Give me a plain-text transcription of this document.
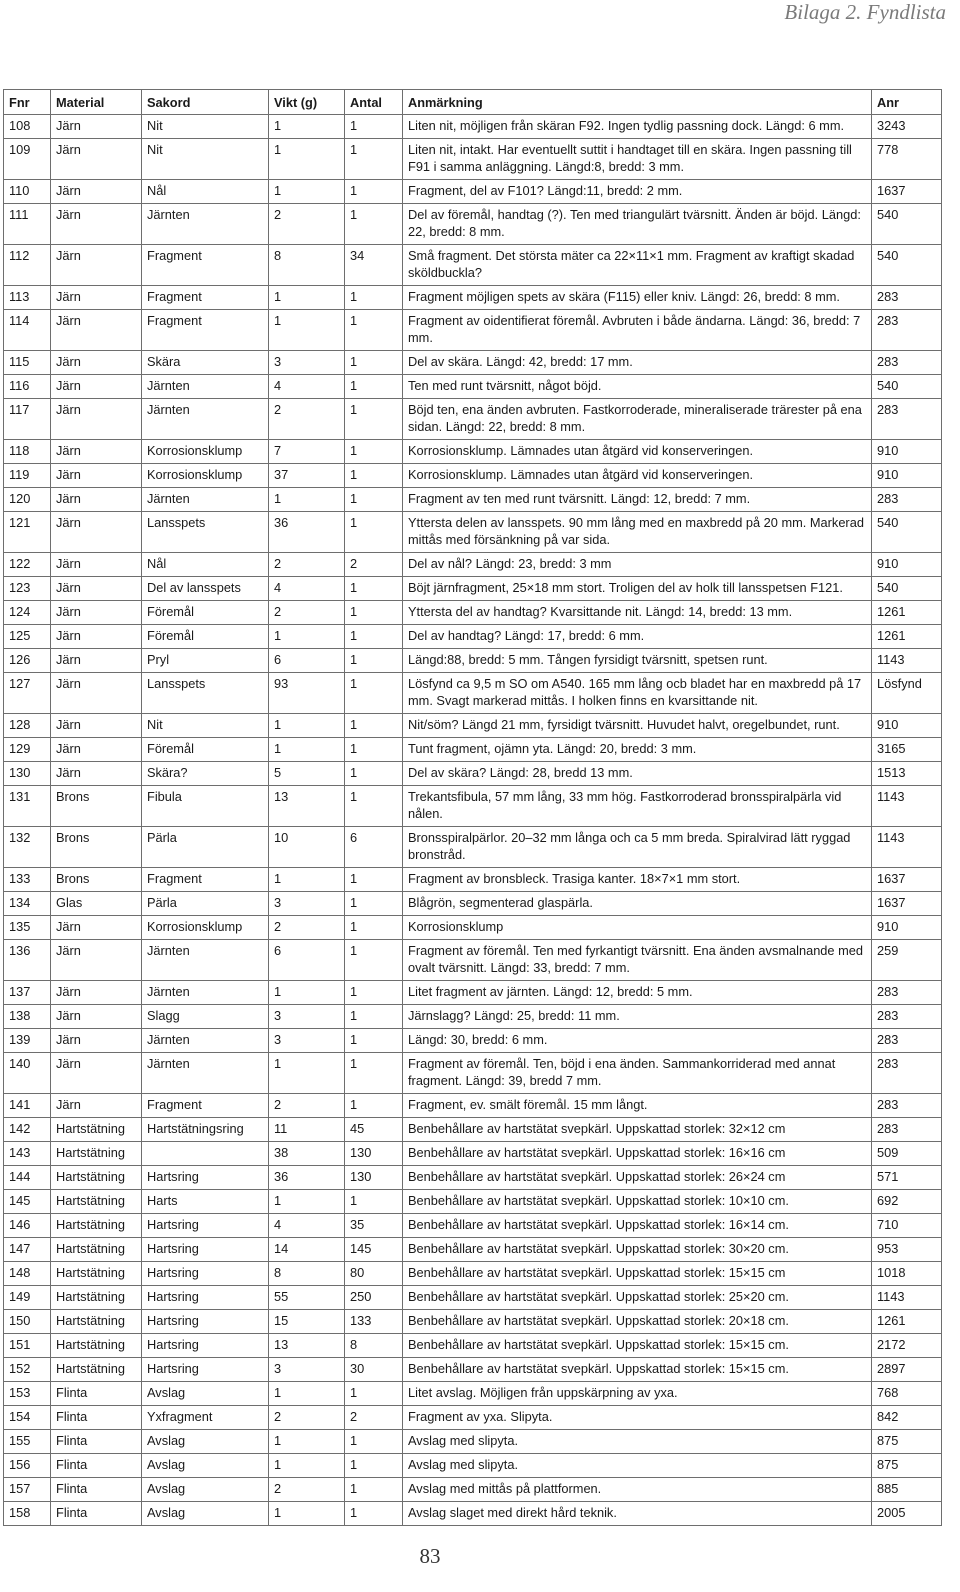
Bilaga 2. Fyndlista
Fnr	Material	Sakord	Vikt (g)	Antal	Anmärkning	Anr
108	Järn	Nit	1	1	Liten nit, möjligen från skäran F92. Ingen tydlig passning dock. Längd: 6 mm.	3243
109	Järn	Nit	1	1	Liten nit, intakt. Har eventuellt suttit i handtaget till en skära. Ingen passning till F91 i samma anläggning. Längd:8, bredd: 3 mm.	778
110	Järn	Nål	1	1	Fragment, del av F101? Längd:11, bredd: 2 mm.	1637
111	Järn	Järnten	2	1	Del av föremål, handtag (?). Ten med triangulärt tvärsnitt. Änden är böjd. Längd: 22, bredd: 8 mm.	540
112	Järn	Fragment	8	34	Små fragment. Det största mäter ca 22×11×1 mm. Fragment av kraftigt skadad sköldbuckla?	540
113	Järn	Fragment	1	1	Fragment möjligen spets av skära (F115) eller kniv. Längd: 26, bredd: 8 mm.	283
114	Järn	Fragment	1	1	Fragment av oidentifierat föremål. Avbruten i både ändarna. Längd: 36, bredd: 7 mm.	283
115	Järn	Skära	3	1	Del av skära. Längd: 42, bredd: 17 mm.	283
116	Järn	Järnten	4	1	Ten med runt tvärsnitt, något böjd.	540
117	Järn	Järnten	2	1	Böjd ten, ena änden avbruten. Fastkorroderade, mineraliserade trärester på ena sidan. Längd: 22, bredd: 8 mm.	283
118	Järn	Korrosionsklump	7	1	Korrosionsklump. Lämnades utan åtgärd vid konserveringen.	910
119	Järn	Korrosionsklump	37	1	Korrosionsklump. Lämnades utan åtgärd vid konserveringen.	910
120	Järn	Järnten	1	1	Fragment av ten med runt tvärsnitt. Längd: 12, bredd: 7 mm.	283
121	Järn	Lansspets	36	1	Yttersta delen av lansspets. 90 mm lång med en maxbredd på 20 mm. Markerad mittås med försänkning på var sida.	540
122	Järn	Nål	2	2	Del av nål? Längd: 23, bredd: 3 mm	910
123	Järn	Del av lansspets	4	1	Böjt järnfragment, 25×18 mm stort. Troligen del av holk till lansspetsen F121.	540
124	Järn	Föremål	2	1	Yttersta del av handtag? Kvarsittande nit. Längd: 14, bredd: 13 mm.	1261
125	Järn	Föremål	1	1	Del av handtag? Längd: 17, bredd: 6 mm.	1261
126	Järn	Pryl	6	1	Längd:88, bredd: 5 mm. Tången fyrsidigt tvärsnitt, spetsen runt.	1143
127	Järn	Lansspets	93	1	Lösfynd ca 9,5 m SO om A540. 165 mm lång ocb bladet har en maxbredd på 17 mm. Svagt markerad mittås. I holken finns en kvarsittande nit.	Lösfynd
128	Järn	Nit	1	1	Nit/söm? Längd 21 mm, fyrsidigt tvärsnitt. Huvudet halvt, oregelbundet, runt.	910
129	Järn	Föremål	1	1	Tunt fragment, ojämn yta. Längd: 20, bredd: 3 mm.	3165
130	Järn	Skära?	5	1	Del av skära? Längd: 28, bredd 13 mm.	1513
131	Brons	Fibula	13	1	Trekantsfibula, 57 mm lång, 33 mm hög. Fastkorroderad bronsspiralpärla vid nålen.	1143
132	Brons	Pärla	10	6	Bronsspiralpärlor. 20–32 mm långa och ca 5 mm breda. Spiralvirad lätt ryggad bronstråd.	1143
133	Brons	Fragment	1	1	Fragment av bronsbleck. Trasiga kanter. 18×7×1 mm stort.	1637
134	Glas	Pärla	3	1	Blågrön, segmenterad glaspärla.	1637
135	Järn	Korrosionsklump	2	1	Korrosionsklump	910
136	Järn	Järnten	6	1	Fragment av föremål. Ten med fyrkantigt tvärsnitt. Ena änden avsmalnande med ovalt tvärsnitt. Längd: 33, bredd: 7 mm.	259
137	Järn	Järnten	1	1	Litet fragment av järnten. Längd: 12, bredd: 5 mm.	283
138	Järn	Slagg	3	1	Järnslagg? Längd: 25, bredd: 11 mm.	283
139	Järn	Järnten	3	1	Längd: 30, bredd: 6 mm.	283
140	Järn	Järnten	1	1	Fragment av föremål. Ten, böjd i ena änden. Sammankorriderad med annat fragment. Längd: 39, bredd 7 mm.	283
141	Järn	Fragment	2	1	Fragment, ev. smält föremål. 15 mm långt.	283
142	Hartstätning	Hartstätningsring	11	45	Benbehållare av hartstätat svepkärl. Uppskattad storlek: 32×12 cm	283
143	Hartstätning		38	130	Benbehållare av hartstätat svepkärl. Uppskattad storlek: 16×16 cm	509
144	Hartstätning	Hartsring	36	130	Benbehållare av hartstätat svepkärl. Uppskattad storlek: 26×24 cm	571
145	Hartstätning	Harts	1	1	Benbehållare av hartstätat svepkärl. Uppskattad storlek: 10×10 cm.	692
146	Hartstätning	Hartsring	4	35	Benbehållare av hartstätat svepkärl. Uppskattad storlek: 16×14 cm.	710
147	Hartstätning	Hartsring	14	145	Benbehållare av hartstätat svepkärl. Uppskattad storlek: 30×20 cm.	953
148	Hartstätning	Hartsring	8	80	Benbehållare av hartstätat svepkärl. Uppskattad storlek: 15×15 cm	1018
149	Hartstätning	Hartsring	55	250	Benbehållare av hartstätat svepkärl. Uppskattad storlek: 25×20 cm.	1143
150	Hartstätning	Hartsring	15	133	Benbehållare av hartstätat svepkärl. Uppskattad storlek: 20×18 cm.	1261
151	Hartstätning	Hartsring	13	8	Benbehållare av hartstätat svepkärl. Uppskattad storlek: 15×15 cm.	2172
152	Hartstätning	Hartsring	3	30	Benbehållare av hartstätat svepkärl. Uppskattad storlek: 15×15 cm.	2897
153	Flinta	Avslag	1	1	Litet avslag. Möjligen från uppskärpning av yxa.	768
154	Flinta	Yxfragment	2	2	Fragment av yxa. Slipyta.	842
155	Flinta	Avslag	1	1	Avslag med slipyta.	875
156	Flinta	Avslag	1	1	Avslag med slipyta.	875
157	Flinta	Avslag	2	1	Avslag med mittås på plattformen.	885
158	Flinta	Avslag	1	1	Avslag slaget med direkt hård teknik.	2005
83
